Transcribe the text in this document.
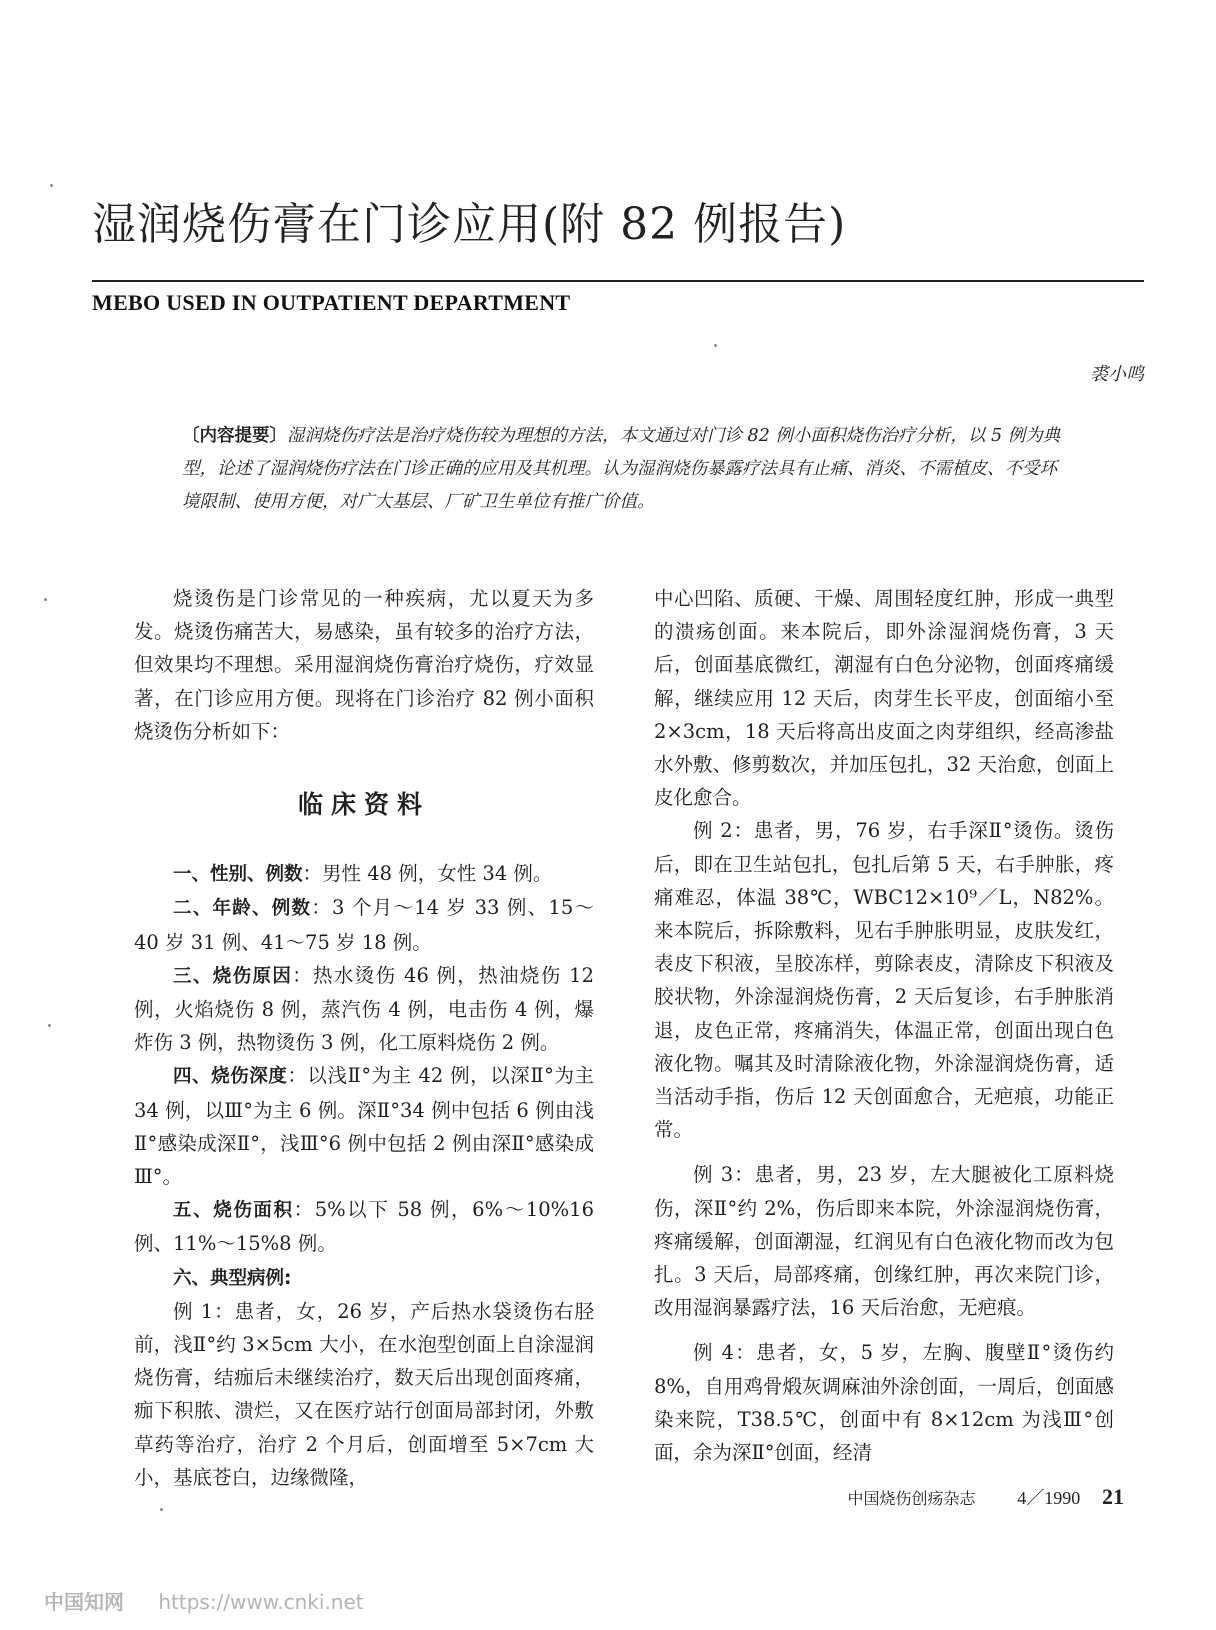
湿润烧伤膏在门诊应用(附 82 例报告)
MEBO USED IN OUTPATIENT DEPARTMENT
裘小鸣

〔内容提要〕湿润烧伤疗法是治疗烧伤较为理想的方法，本文通过对门诊 82 例小面积烧伤治疗分析，以 5 例为典型，论述了湿润烧伤疗法在门诊正确的应用及其机理。认为湿润烧伤暴露疗法具有止痛、消炎、不需植皮、不受环境限制、使用方便，对广大基层、厂矿卫生单位有推广价值。

烧烫伤是门诊常见的一种疾病，尤以夏天为多发。烧烫伤痛苦大，易感染，虽有较多的治疗方法，但效果均不理想。采用湿润烧伤膏治疗烧伤，疗效显著，在门诊应用方便。现将在门诊治疗 82 例小面积烧烫伤分析如下：

临床资料

一、性别、例数：男性 48 例，女性 34 例。

二、年龄、例数：3 个月～14 岁 33 例、15～40 岁 31 例、41～75 岁 18 例。

三、烧伤原因：热水烫伤 46 例，热油烧伤 12 例，火焰烧伤 8 例，蒸汽伤 4 例，电击伤 4 例，爆炸伤 3 例，热物烫伤 3 例，化工原料烧伤 2 例。

四、烧伤深度：以浅Ⅱ°为主 42 例，以深Ⅱ°为主 34 例，以Ⅲ°为主 6 例。深Ⅱ°34 例中包括 6 例由浅Ⅱ°感染成深Ⅱ°，浅Ⅲ°6 例中包括 2 例由深Ⅱ°感染成Ⅲ°。

五、烧伤面积：5%以下 58 例，6%～10%16 例、11%～15%8 例。

六、典型病例:

例 1：患者，女，26 岁，产后热水袋烫伤右胫前，浅Ⅱ°约 3×5cm 大小，在水泡型创面上自涂湿润烧伤膏，结痂后未继续治疗，数天后出现创面疼痛，痂下积脓、溃烂，又在医疗站行创面局部封闭，外敷草药等治疗，治疗 2 个月后，创面增至 5×7cm 大小，基底苍白，边缘微隆，

中心凹陷、质硬、干燥、周围轻度红肿，形成一典型的溃疡创面。来本院后，即外涂湿润烧伤膏，3 天后，创面基底微红，潮湿有白色分泌物，创面疼痛缓解，继续应用 12 天后，肉芽生长平皮，创面缩小至 2×3cm，18 天后将高出皮面之肉芽组织，经高渗盐水外敷、修剪数次，并加压包扎，32 天治愈，创面上皮化愈合。

例 2：患者，男，76 岁，右手深Ⅱ°烫伤。烫伤后，即在卫生站包扎，包扎后第 5 天，右手肿胀，疼痛难忍，体温 38℃，WBC12×10⁹／L，N82%。来本院后，拆除敷料，见右手肿胀明显，皮肤发红，表皮下积液，呈胶冻样，剪除表皮，清除皮下积液及胶状物，外涂湿润烧伤膏，2 天后复诊，右手肿胀消退，皮色正常，疼痛消失，体温正常，创面出现白色液化物。嘱其及时清除液化物，外涂湿润烧伤膏，适当活动手指，伤后 12 天创面愈合，无疤痕，功能正常。

例 3：患者，男，23 岁，左大腿被化工原料烧伤，深Ⅱ°约 2%，伤后即来本院，外涂湿润烧伤膏，疼痛缓解，创面潮湿，红润见有白色液化物而改为包扎。3 天后，局部疼痛，创缘红肿，再次来院门诊，改用湿润暴露疗法，16 天后治愈，无疤痕。

例 4：患者，女，5 岁，左胸、腹壁Ⅱ°烫伤约 8%，自用鸡骨煅灰调麻油外涂创面，一周后，创面感染来院，T38.5℃，创面中有 8×12cm 为浅Ⅲ°创面，余为深Ⅱ°创面，经清

中国烧伤创疡杂志 4／1990 21
中国知网 https://www.cnki.net
